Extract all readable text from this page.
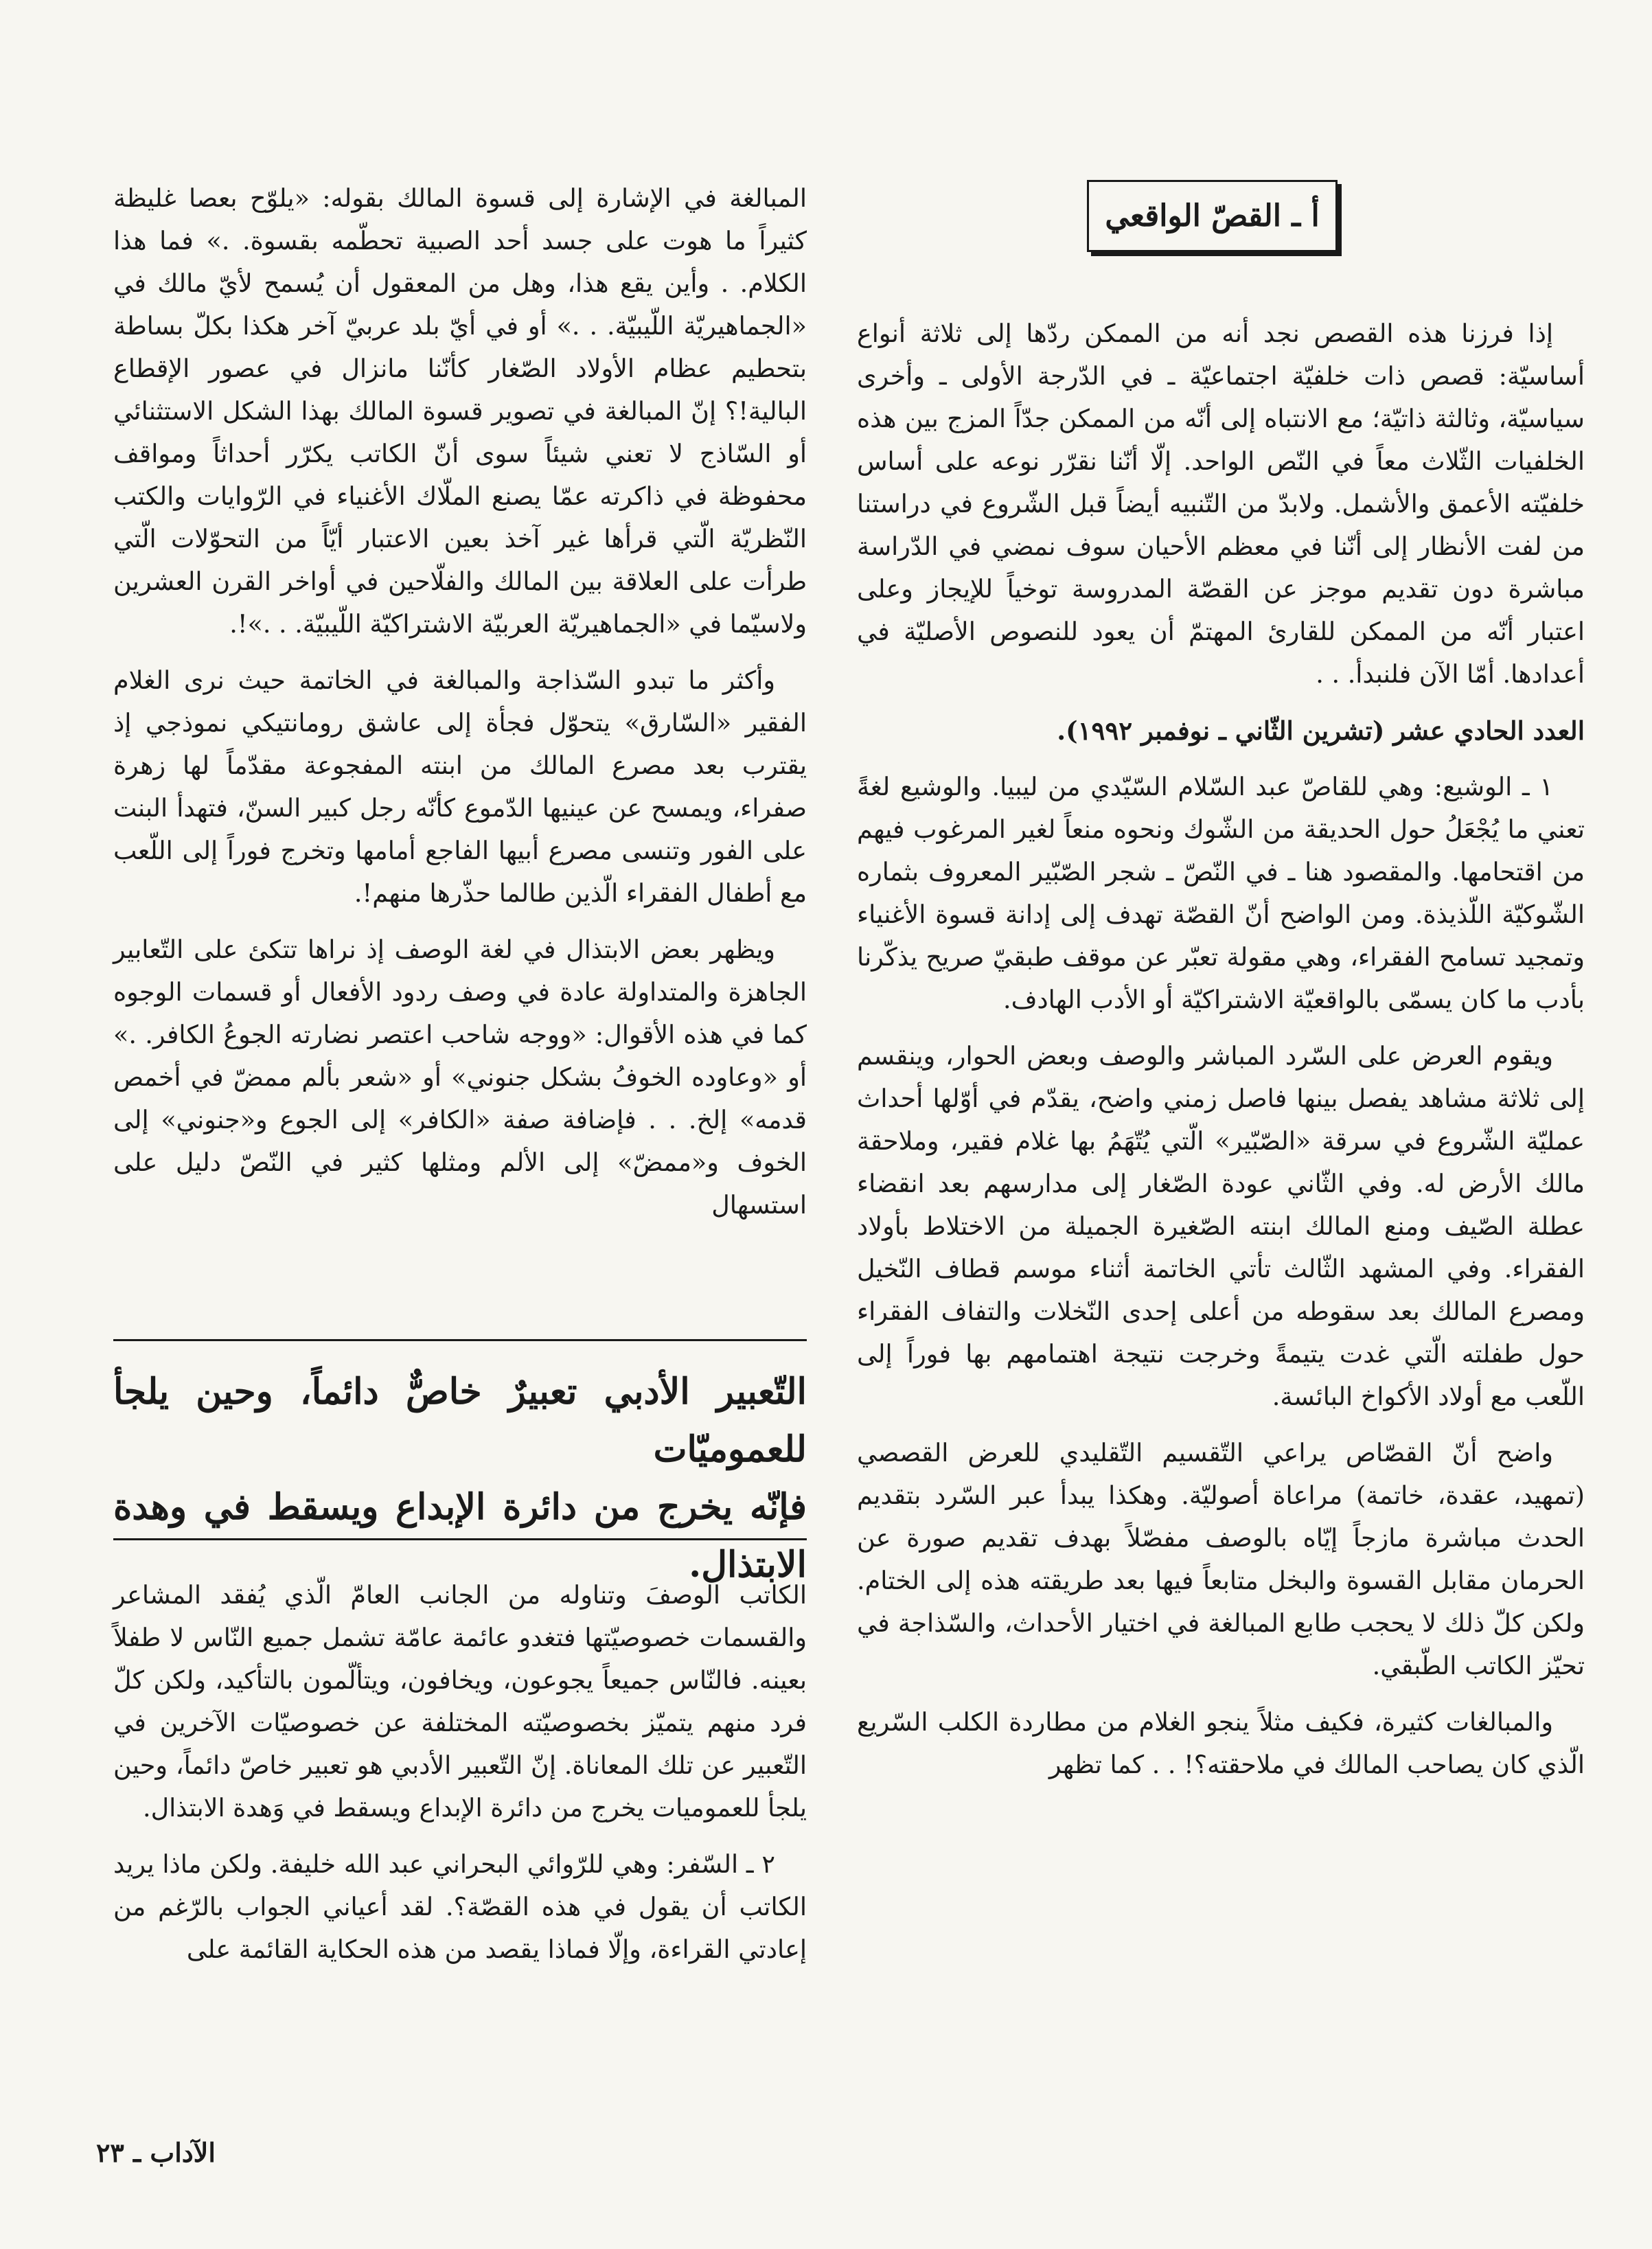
أ ـ القصّ الواقعي

إذا فرزنا هذه القصص نجد أنه من الممكن ردّها إلى ثلاثة أنواع أساسيّة: قصص ذات خلفيّة اجتماعيّة ـ في الدّرجة الأولى ـ وأخرى سياسيّة، وثالثة ذاتيّة؛ مع الانتباه إلى أنّه من الممكن جدّاً المزج بين هذه الخلفيات الثّلاث معاً في النّص الواحد. إلّا أنّنا نقرّر نوعه على أساس خلفيّته الأعمق والأشمل. ولابدّ من التّنبيه أيضاً قبل الشّروع في دراستنا من لفت الأنظار إلى أنّنا في معظم الأحيان سوف نمضي في الدّراسة مباشرة دون تقديم موجز عن القصّة المدروسة توخياً للإيجاز وعلى اعتبار أنّه من الممكن للقارئ المهتمّ أن يعود للنصوص الأصليّة في أعدادها. أمّا الآن فلنبدأ. . .

العدد الحادي عشر (تشرين الثّاني ـ نوفمبر ١٩٩٢).

١ ـ الوشيع: وهي للقاصّ عبد السّلام السّيّدي من ليبيا. والوشيع لغةً تعني ما يُجْعَلُ حول الحديقة من الشّوك ونحوه منعاً لغير المرغوب فيهم من اقتحامها. والمقصود هنا ـ في النّصّ ـ شجر الصّبّير المعروف بثماره الشّوكيّة اللّذيذة. ومن الواضح أنّ القصّة تهدف إلى إدانة قسوة الأغنياء وتمجيد تسامح الفقراء، وهي مقولة تعبّر عن موقف طبقيّ صريح يذكّرنا بأدب ما كان يسمّى بالواقعيّة الاشتراكيّة أو الأدب الهادف.

ويقوم العرض على السّرد المباشر والوصف وبعض الحوار، وينقسم إلى ثلاثة مشاهد يفصل بينها فاصل زمني واضح، يقدّم في أوّلها أحداث عمليّة الشّروع في سرقة «الصّبّير» الّتي يُتّهَمُ بها غلام فقير، وملاحقة مالك الأرض له. وفي الثّاني عودة الصّغار إلى مدارسهم بعد انقضاء عطلة الصّيف ومنع المالك ابنته الصّغيرة الجميلة من الاختلاط بأولاد الفقراء. وفي المشهد الثّالث تأتي الخاتمة أثناء موسم قطاف النّخيل ومصرع المالك بعد سقوطه من أعلى إحدى النّخلات والتفاف الفقراء حول طفلته الّتي غدت يتيمةً وخرجت نتيجة اهتمامهم بها فوراً إلى اللّعب مع أولاد الأكواخ البائسة.

واضح أنّ القصّاص يراعي التّقسيم التّقليدي للعرض القصصي (تمهيد، عقدة، خاتمة) مراعاة أصوليّة. وهكذا يبدأ عبر السّرد بتقديم الحدث مباشرة مازجاً إيّاه بالوصف مفصّلاً بهدف تقديم صورة عن الحرمان مقابل القسوة والبخل متابعاً فيها بعد طريقته هذه إلى الختام. ولكن كلّ ذلك لا يحجب طابع المبالغة في اختيار الأحداث، والسّذاجة في تحيّز الكاتب الطّبقي.

والمبالغات كثيرة، فكيف مثلاً ينجو الغلام من مطاردة الكلب السّريع الّذي كان يصاحب المالك في ملاحقته؟! . . كما تظهر

المبالغة في الإشارة إلى قسوة المالك بقوله: «يلوّح بعصا غليظة كثيراً ما هوت على جسد أحد الصبية تحطّمه بقسوة. .» فما هذا الكلام. . وأين يقع هذا، وهل من المعقول أن يُسمح لأيّ مالك في «الجماهيريّة اللّيبيّة. . .» أو في أيّ بلد عربيّ آخر هكذا بكلّ بساطة بتحطيم عظام الأولاد الصّغار كأنّنا مانزال في عصور الإقطاع البالية!؟ إنّ المبالغة في تصوير قسوة المالك بهذا الشكل الاستثنائي أو السّاذج لا تعني شيئاً سوى أنّ الكاتب يكرّر أحداثاً ومواقف محفوظة في ذاكرته عمّا يصنع الملّاك الأغنياء في الرّوايات والكتب النّظريّة الّتي قرأها غير آخذ بعين الاعتبار أيّاً من التحوّلات الّتي طرأت على العلاقة بين المالك والفلّاحين في أواخر القرن العشرين ولاسيّما في «الجماهيريّة العربيّة الاشتراكيّة اللّيبيّة. . .»!.

وأكثر ما تبدو السّذاجة والمبالغة في الخاتمة حيث نرى الغلام الفقير «السّارق» يتحوّل فجأة إلى عاشق رومانتيكي نموذجي إذ يقترب بعد مصرع المالك من ابنته المفجوعة مقدّماً لها زهرة صفراء، ويمسح عن عينيها الدّموع كأنّه رجل كبير السنّ، فتهدأ البنت على الفور وتنسى مصرع أبيها الفاجع أمامها وتخرج فوراً إلى اللّعب مع أطفال الفقراء الّذين طالما حذّرها منهم!.

ويظهر بعض الابتذال في لغة الوصف إذ نراها تتكئ على التّعابير الجاهزة والمتداولة عادة في وصف ردود الأفعال أو قسمات الوجوه كما في هذه الأقوال: «ووجه شاحب اعتصر نضارته الجوعُ الكافر. .» أو «وعاوده الخوفُ بشكل جنوني» أو «شعر بألم ممضّ في أخمص قدمه» إلخ. . . فإضافة صفة «الكافر» إلى الجوع و«جنوني» إلى الخوف و«ممضّ» إلى الألم ومثلها كثير في النّصّ دليل على استسهال

التّعبير الأدبي تعبيرٌ خاصٌّ دائماً، وحين يلجأ للعموميّات

فإنّه يخرج من دائرة الإبداع ويسقط في وهدة الابتذال.

الكاتب الوصفَ وتناوله من الجانب العامّ الّذي يُفقد المشاعر والقسمات خصوصيّتها فتغدو عائمة عامّة تشمل جميع النّاس لا طفلاً بعينه. فالنّاس جميعاً يجوعون، ويخافون، ويتألّمون بالتأكيد، ولكن كلّ فرد منهم يتميّز بخصوصيّته المختلفة عن خصوصيّات الآخرين في التّعبير عن تلك المعاناة. إنّ التّعبير الأدبي هو تعبير خاصّ دائماً، وحين يلجأ للعموميات يخرج من دائرة الإبداع ويسقط في وَهدة الابتذال.

٢ ـ السّفر: وهي للرّوائي البحراني عبد الله خليفة. ولكن ماذا يريد الكاتب أن يقول في هذه القصّة؟. لقد أعياني الجواب بالرّغم من إعادتي القراءة، وإلّا فماذا يقصد من هذه الحكاية القائمة على

الآداب ـ ٢٣
